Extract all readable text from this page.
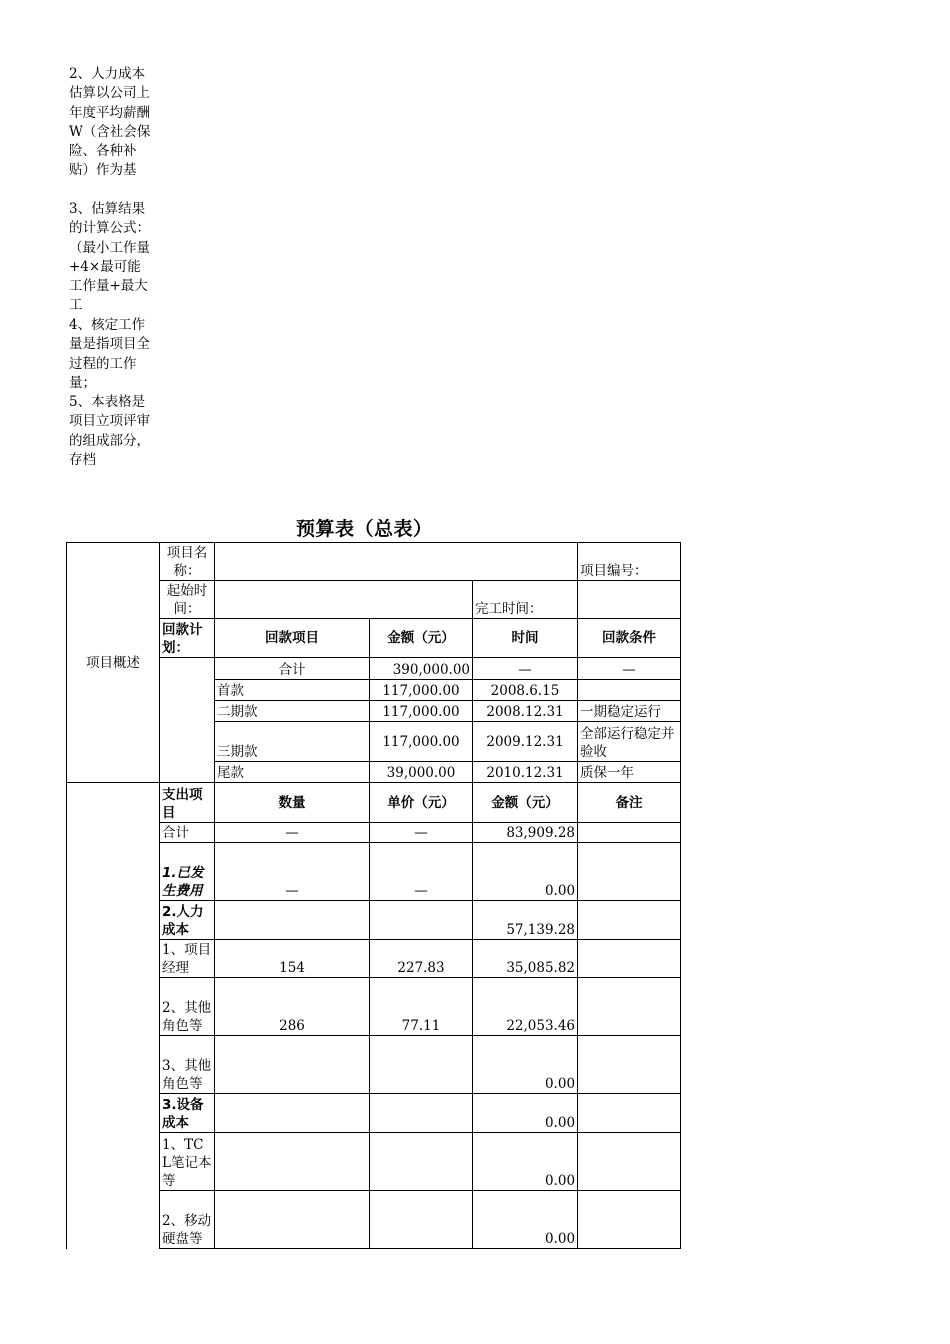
2、人力成本估算以公司上年度平均薪酬W（含社会保险、各种补贴）作为基
3、估算结果的计算公式：（最小工作量+4×最可能工作量+最大工
4、核定工作量是指项目全过程的工作量；
5、本表格是项目立项评审的组成部分，存档
预算表（总表）
项目概述	项目名称：				项目编号：
	起始时间：			完工时间：	
	回款计划：	回款项目	金额（元）	时间	回款条件
		合计	390,000.00	—	—
		首款	117,000.00	2008.6.15	
		二期款	117,000.00	2008.12.31	一期稳定运行
		三期款	117,000.00	2009.12.31	全部运行稳定并验收
		尾款	39,000.00	2010.12.31	质保一年
	支出项目	数量	单价（元）	金额（元）	备注
	合计	—	—	83,909.28	
	1.已发生费用	—	—	0.00	
	2.人力成本			57,139.28	
	1、项目经理	154	227.83	35,085.82	
	2、其他角色等	286	77.11	22,053.46	
	3、其他角色等			0.00	
	3.设备成本			0.00	
	1、TCL笔记本等			0.00	
	2、移动硬盘等			0.00	
